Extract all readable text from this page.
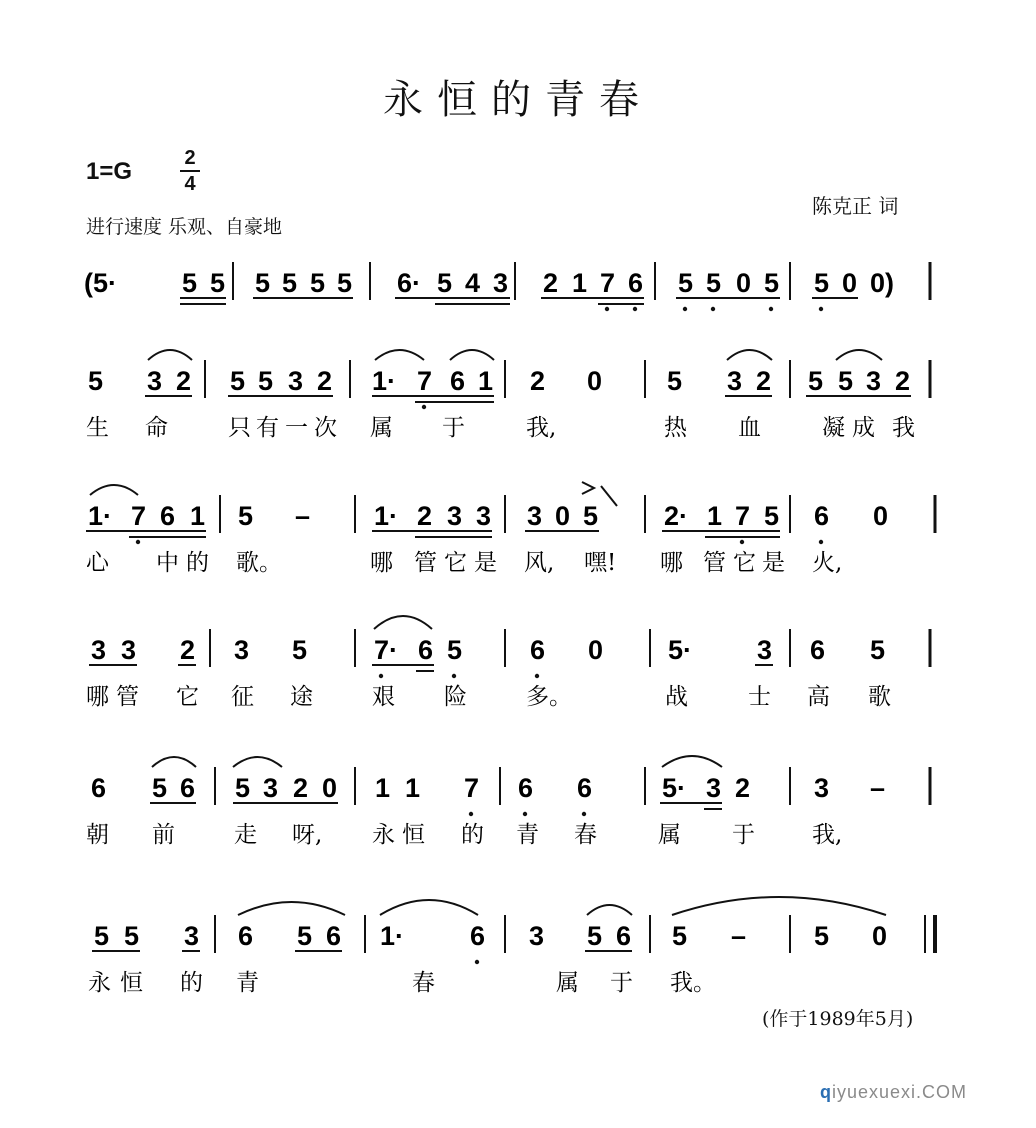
永恒的青春
1=G	2
4
进行速度 乐观、自豪地
陈克正 词
(5· 5 5 5 5 5 5 6· 5 4 3 2 1 7 6 5 5 0 5 5 0 0)
5 3 2 5 5 3 2 1· 7 6 1 2 0 5 3 2 5 5 3 2
生 命	只 有 一 次 属 于	我,	热 血	凝 成 我
1· 7 6 1 5 – 1· 2 3 3 3 0 5 2· 1 7 5 6 0
心 中 的 歌。	哪 管 它 是 风, 嘿! 哪 管 它 是 火,
3 3 2 3 5 7· 6 5	6 0 5· 3 6 5
哪 管 它 征 途	艰 险	多。	战	士 高 歌
6 5 6 5 3 2 0 1 1 7 6 6	5· 3 2 3 –
朝 前	走 呀, 永 恒 的 青 春	属 于 我,
5 5 3 6 5 6 1· 6 3 5 6 5 –	5 0
永 恒 的 青	春	属 于 我。
(作于1989年5月)
qiyuexuexi.COM
